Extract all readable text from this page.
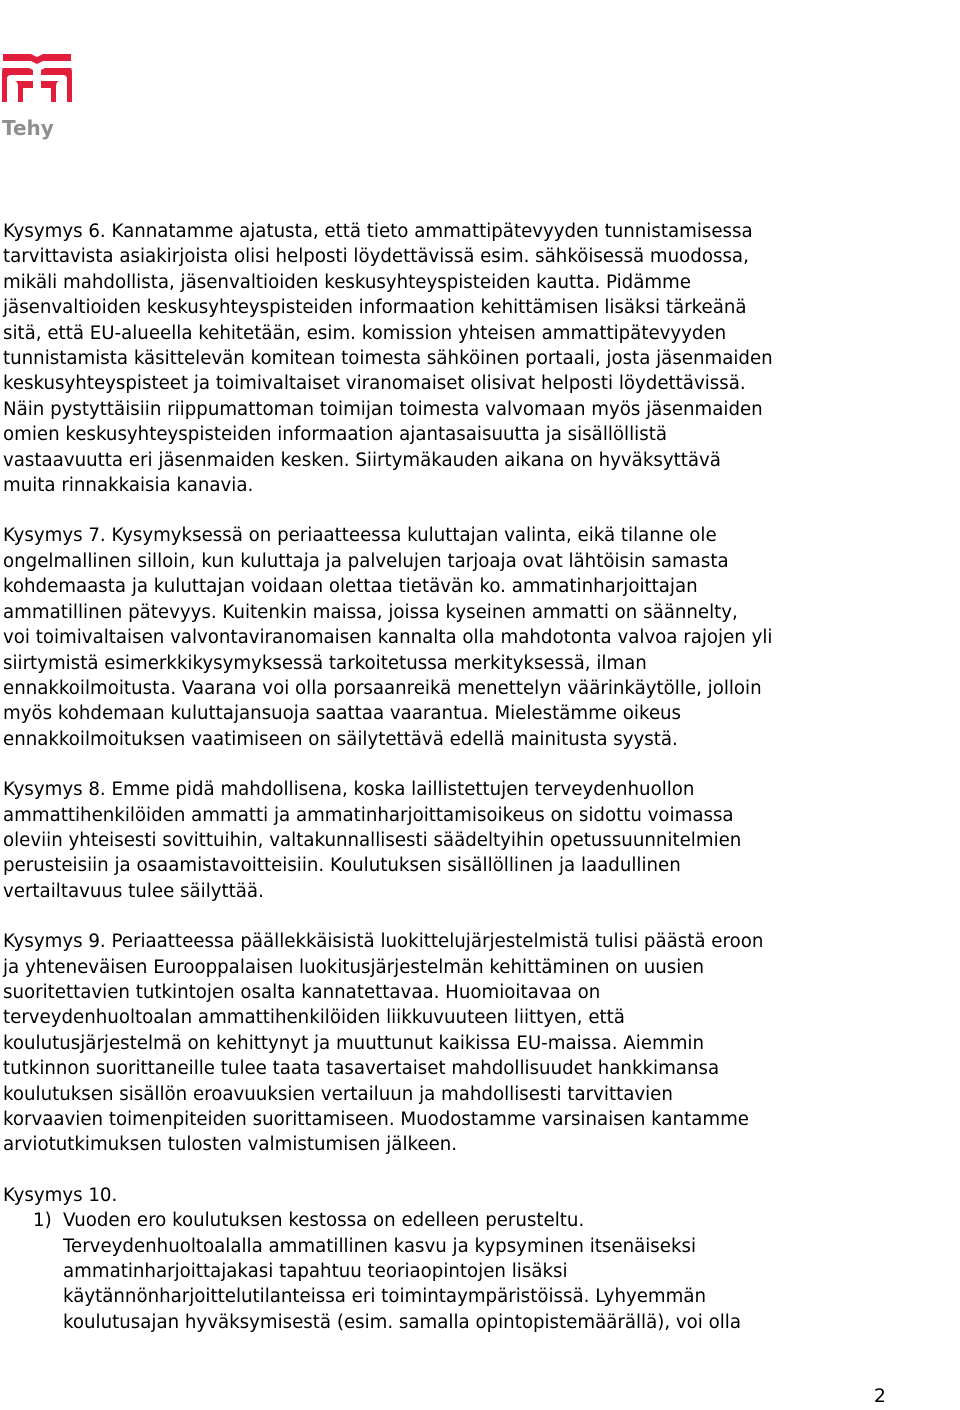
Tehy

Kysymys 6. Kannatamme ajatusta, että tieto ammattipätevyyden tunnistamisessa
tarvittavista asiakirjoista olisi helposti löydettävissä esim. sähköisessä muodossa,
mikäli mahdollista, jäsenvaltioiden keskusyhteyspisteiden kautta. Pidämme
jäsenvaltioiden keskusyhteyspisteiden informaation kehittämisen lisäksi tärkeänä
sitä, että EU-alueella kehitetään, esim. komission yhteisen ammattipätevyyden
tunnistamista käsittelevän komitean toimesta sähköinen portaali, josta jäsenmaiden
keskusyhteyspisteet ja toimivaltaiset viranomaiset olisivat helposti löydettävissä.
Näin pystyttäisiin riippumattoman toimijan toimesta valvomaan myös jäsenmaiden
omien keskusyhteyspisteiden informaation ajantasaisuutta ja sisällöllistä
vastaavuutta eri jäsenmaiden kesken. Siirtymäkauden aikana on hyväksyttävä
muita rinnakkaisia kanavia.

Kysymys 7. Kysymyksessä on periaatteessa kuluttajan valinta, eikä tilanne ole
ongelmallinen silloin, kun kuluttaja ja palvelujen tarjoaja ovat lähtöisin samasta
kohdemaasta ja kuluttajan voidaan olettaa tietävän ko. ammatinharjoittajan
ammatillinen pätevyys. Kuitenkin maissa, joissa kyseinen ammatti on säännelty,
voi toimivaltaisen valvontaviranomaisen kannalta olla mahdotonta valvoa rajojen yli
siirtymistä esimerkkikysymyksessä tarkoitetussa merkityksessä, ilman
ennakkoilmoitusta. Vaarana voi olla porsaanreikä menettelyn väärinkäytölle, jolloin
myös kohdemaan kuluttajansuoja saattaa vaarantua. Mielestämme oikeus
ennakkoilmoituksen vaatimiseen on säilytettävä edellä mainitusta syystä.

Kysymys 8. Emme pidä mahdollisena, koska laillistettujen terveydenhuollon
ammattihenkilöiden ammatti ja ammatinharjoittamisoikeus on sidottu voimassa
oleviin yhteisesti sovittuihin, valtakunnallisesti säädeltyihin opetussuunnitelmien
perusteisiin ja osaamistavoitteisiin. Koulutuksen sisällöllinen ja laadullinen
vertailtavuus tulee säilyttää.

Kysymys 9. Periaatteessa päällekkäisistä luokittelujärjestelmistä tulisi päästä eroon
ja yhteneväisen Eurooppalaisen luokitusjärjestelmän kehittäminen on uusien
suoritettavien tutkintojen osalta kannatettavaa. Huomioitavaa on
terveydenhuoltoalan ammattihenkilöiden liikkuvuuteen liittyen, että
koulutusjärjestelmä on kehittynyt ja muuttunut kaikissa EU-maissa. Aiemmin
tutkinnon suorittaneille tulee taata tasavertaiset mahdollisuudet hankkimansa
koulutuksen sisällön eroavuuksien vertailuun ja mahdollisesti tarvittavien
korvaavien toimenpiteiden suorittamiseen. Muodostamme varsinaisen kantamme
arviotutkimuksen tulosten valmistumisen jälkeen.

Kysymys 10.

1) Vuoden ero koulutuksen kestossa on edelleen perusteltu.
Terveydenhuoltoalalla ammatillinen kasvu ja kypsyminen itsenäiseksi
ammatinharjoittajakasi tapahtuu teoriaopintojen lisäksi
käytännönharjoittelutilanteissa eri toimintaympäristöissä. Lyhyemmän
koulutusajan hyväksymisestä (esim. samalla opintopistemäärällä), voi olla
2
